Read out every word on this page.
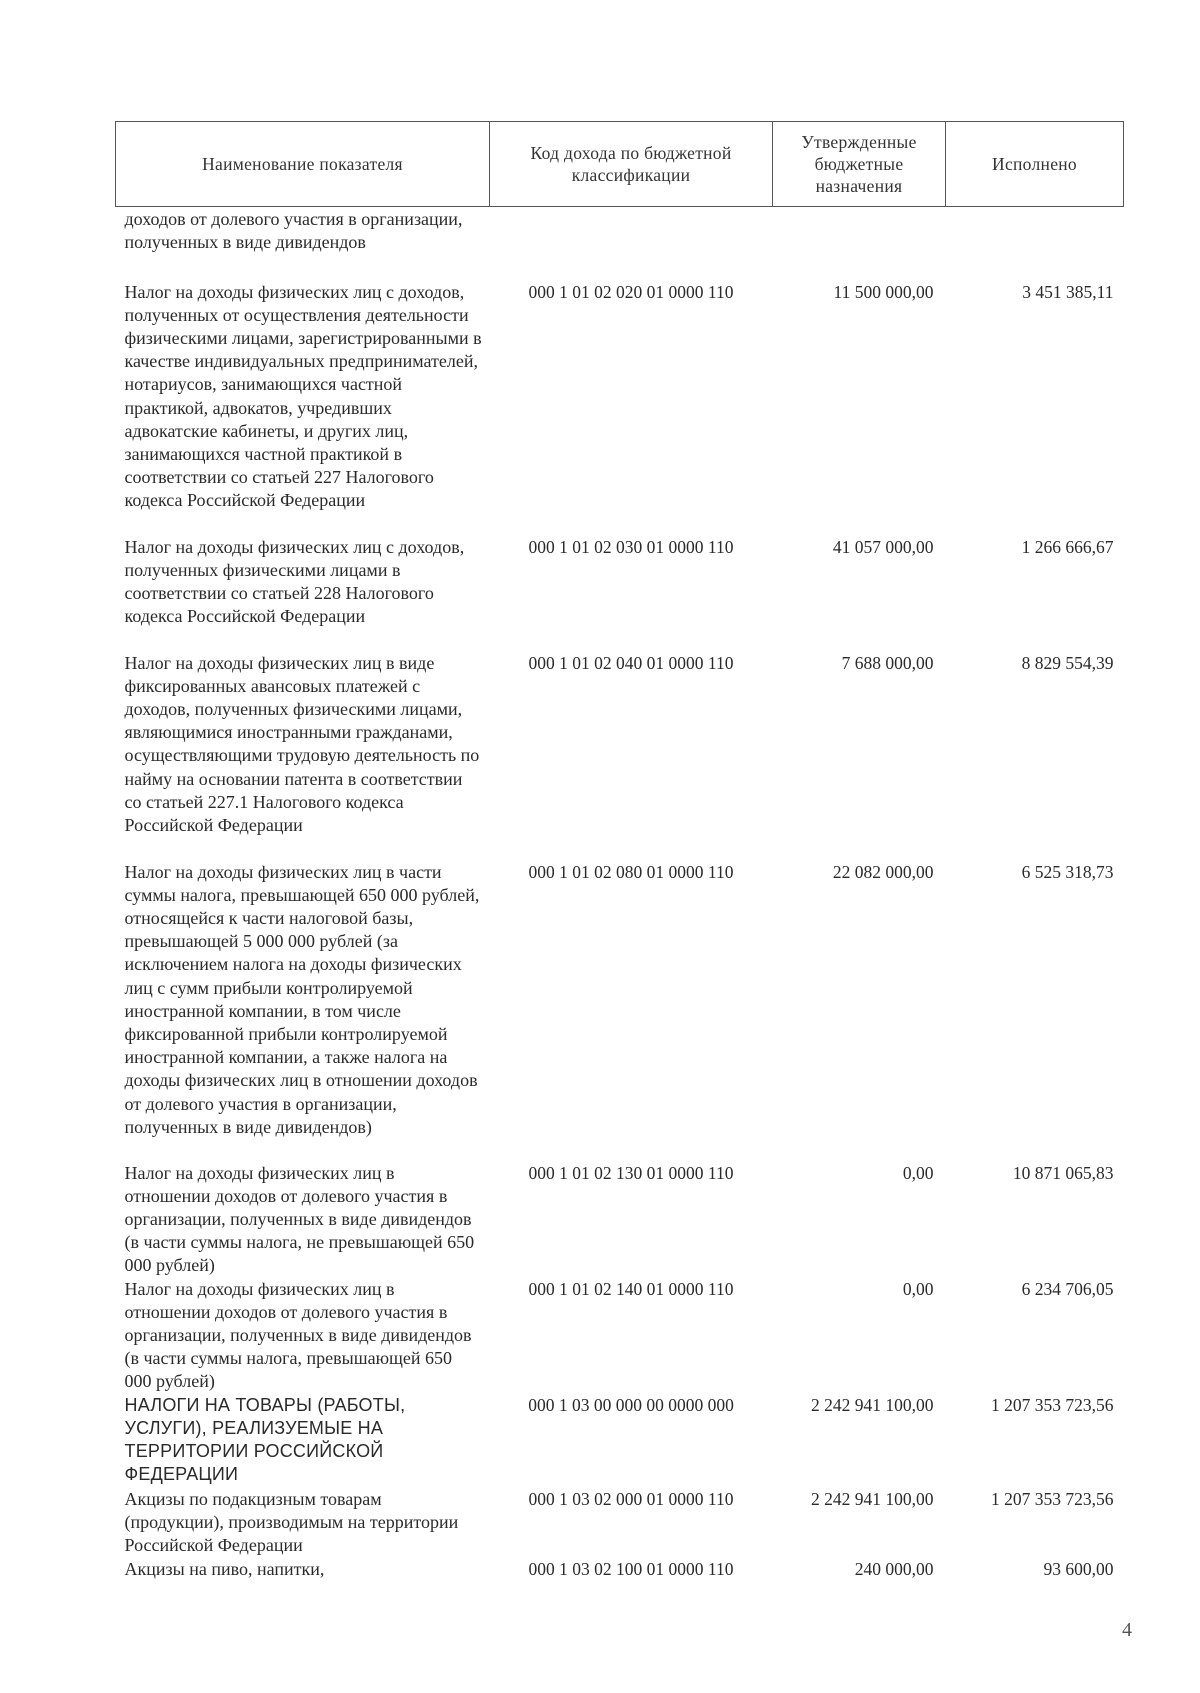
Наименование показателя	Код дохода по бюджетной классификации	Утвержденные бюджетные назначения	Исполнено
доходов от долевого участия в организации, полученных в виде дивидендов			
Налог на доходы физических лиц с доходов, полученных от осуществления деятельности физическими лицами, зарегистрированными в качестве индивидуальных предпринимателей, нотариусов, занимающихся частной практикой, адвокатов, учредивших адвокатские кабинеты, и других лиц, занимающихся частной практикой в соответствии со статьей 227 Налогового кодекса Российской Федерации	000 1 01 02 020 01 0000 110	11 500 000,00	3 451 385,11
Налог на доходы физических лиц с доходов, полученных физическими лицами в соответствии со статьей 228 Налогового кодекса Российской Федерации	000 1 01 02 030 01 0000 110	41 057 000,00	1 266 666,67
Налог на доходы физических лиц в виде фиксированных авансовых платежей с доходов, полученных физическими лицами, являющимися иностранными гражданами, осуществляющими трудовую деятельность по найму на основании патента в соответствии со статьей 227.1 Налогового кодекса Российской Федерации	000 1 01 02 040 01 0000 110	7 688 000,00	8 829 554,39
Налог на доходы физических лиц в части суммы налога, превышающей 650 000 рублей, относящейся к части налоговой базы, превышающей 5 000 000 рублей (за исключением налога на доходы физических лиц с сумм прибыли контролируемой иностранной компании, в том числе фиксированной прибыли контролируемой иностранной компании, а также налога на доходы физических лиц в отношении доходов от долевого участия в организации, полученных в виде дивидендов)	000 1 01 02 080 01 0000 110	22 082 000,00	6 525 318,73
Налог на доходы физических лиц в отношении доходов от долевого участия в организации, полученных в виде дивидендов (в части суммы налога, не превышающей 650 000 рублей)	000 1 01 02 130 01 0000 110	0,00	10 871 065,83
Налог на доходы физических лиц в отношении доходов от долевого участия в организации, полученных в виде дивидендов (в части суммы налога, превышающей 650 000 рублей)	000 1 01 02 140 01 0000 110	0,00	6 234 706,05
НАЛОГИ НА ТОВАРЫ (РАБОТЫ, УСЛУГИ), РЕАЛИЗУЕМЫЕ НА ТЕРРИТОРИИ РОССИЙСКОЙ ФЕДЕРАЦИИ	000 1 03 00 000 00 0000 000	2 242 941 100,00	1 207 353 723,56
Акцизы по подакцизным товарам (продукции), производимым на территории Российской Федерации	000 1 03 02 000 01 0000 110	2 242 941 100,00	1 207 353 723,56
Акцизы на пиво, напитки,	000 1 03 02 100 01 0000 110	240 000,00	93 600,00
4
